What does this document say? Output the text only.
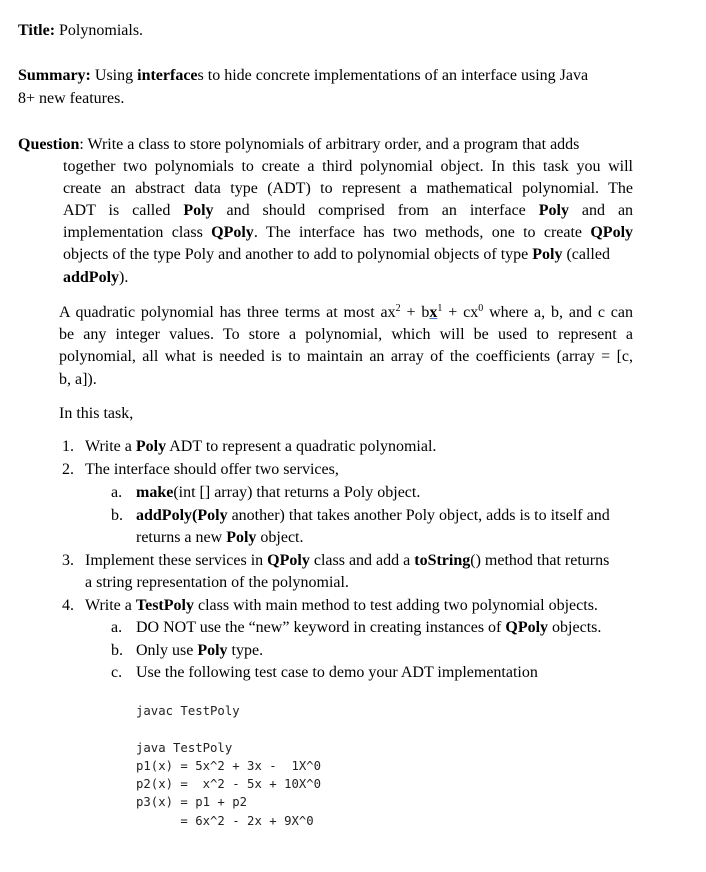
Title: Polynomials.
Summary: Using interfaces to hide concrete implementations of an interface using Java
8+ new features.
Question: Write a class to store polynomials of arbitrary order, and a program that adds
together two polynomials to create a third polynomial object. In this task you will
create an abstract data type (ADT) to represent a mathematical polynomial. The
ADT is called Poly and should comprised from an interface Poly and an
implementation class QPoly. The interface has two methods, one to create QPoly
objects of the type Poly and another to add to polynomial objects of type Poly (called
addPoly).
A quadratic polynomial has three terms at most $ax^2 + bx^1 + cx^0$ where a, b, and c can
be any integer values. To store a polynomial, which will be used to represent a
polynomial, all what is needed is to maintain an array of the coefficients (array = [c,
b, a]).
In this task,
1. Write a Poly ADT to represent a quadratic polynomial.
2. The interface should offer two services,
a. make(int [] array) that returns a Poly object.
b. addPoly(Poly another) that takes another Poly object, adds is to itself and
returns a new Poly object.
3. Implement these services in QPoly class and add a toString() method that returns
a string representation of the polynomial.
4. Write a TestPoly class with main method to test adding two polynomial objects.
a. DO NOT use the “new” keyword in creating instances of QPoly objects.
b. Only use Poly type.
c. Use the following test case to demo your ADT implementation
javac TestPoly
java TestPoly
p1(x) = 5x^2 + 3x -  1X^0
p2(x) =  x^2 - 5x + 10X^0
p3(x) = p1 + p2
= 6x^2 - 2x + 9X^0
